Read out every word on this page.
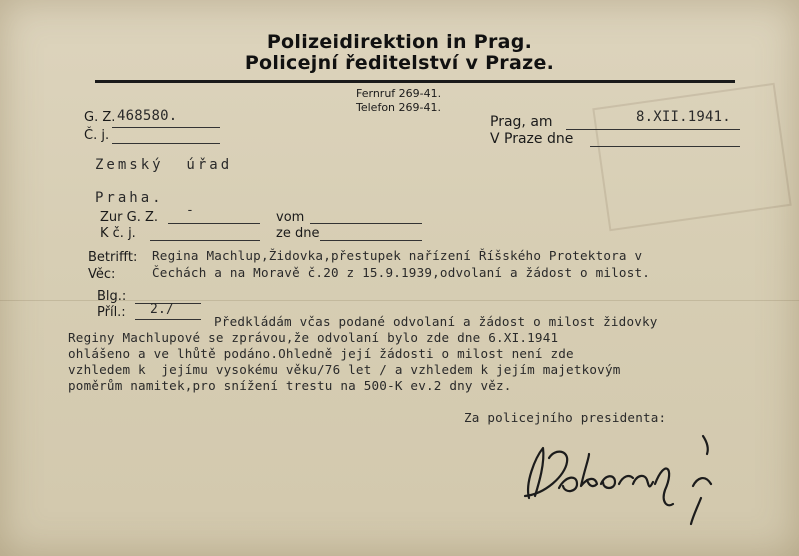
Polizeidirektion in Prag.
Policejní ředitelství v Praze.
Fernruf 269-41.
Telefon 269-41.
G. Z. 468580.
Č. j.
Prag, am	8.XII.1941.
V Praze dne
Zemský  úřad
Praha.
Zur G. Z. -	vom
K č. j.	ze dne
Betrifft:
Věc:
Regina Machlup,Židovka,přestupek nařízení Říšského Protektora v
Čechách a na Moravě č.20 z 15.9.1939,odvolaní a žádost o milost.
Blg.:
Příl.: 2./
Předkládám včas podané odvolaní a žádost o milost židovky
Reginy Machlupové se zprávou,že odvolaní bylo zde dne 6.XI.1941
ohlášeno a ve lhůtě podáno.Ohledně její žádosti o milost není zde
vzhledem k  jejímu vysokému věku/76 let / a vzhledem k jejím majetkovým
poměrům namitek,pro snížení trestu na 500-K ev.2 dny věz.
Za policejního presidenta:
